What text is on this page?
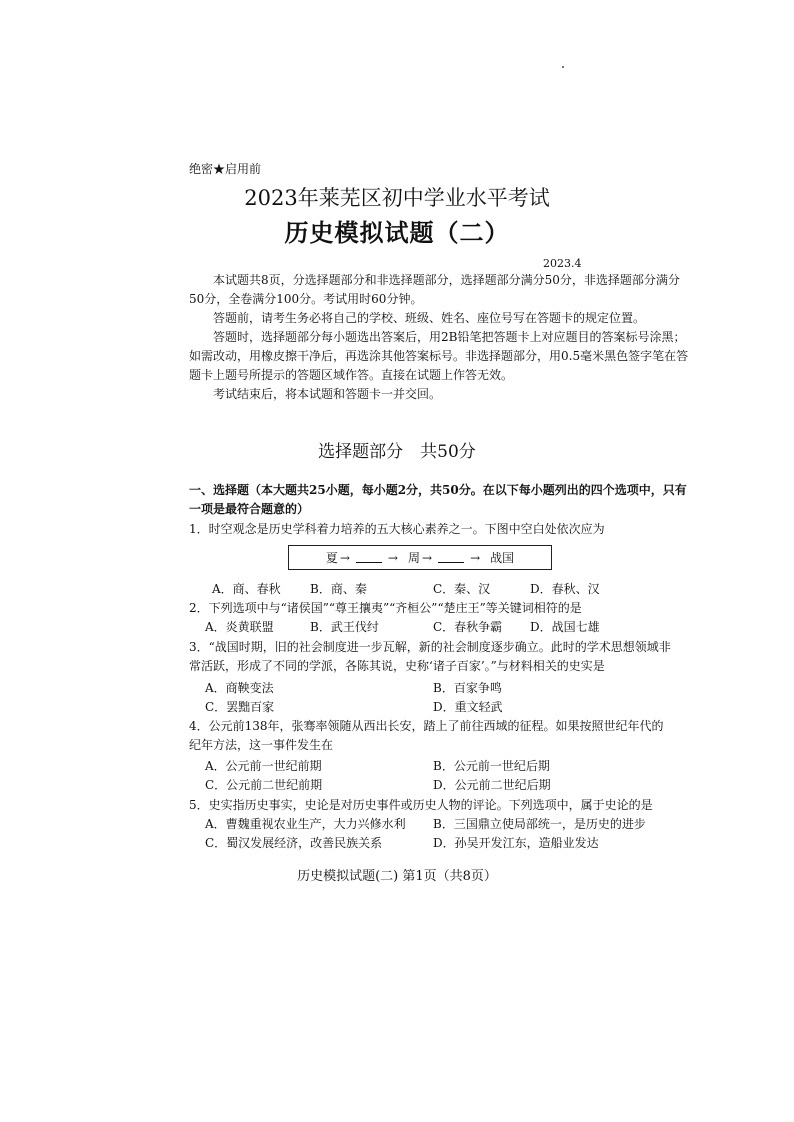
绝密★启用前
2023年莱芜区初中学业水平考试
历史模拟试题（二）
2023.4

本试题共8页，分选择题部分和非选择题部分，选择题部分满分50分，非选择题部分满分50分，全卷满分100分。考试用时60分钟。

答题前，请考生务必将自己的学校、班级、姓名、座位号写在答题卡的规定位置。

答题时，选择题部分每小题选出答案后，用2B铅笔把答题卡上对应题目的答案标号涂黑；如需改动，用橡皮擦干净后，再选涂其他答案标号。非选择题部分，用0.5毫米黑色签字笔在答题卡上题号所提示的答题区域作答。直接在试题上作答无效。

考试结束后，将本试题和答题卡一并交回。

选择题部分　共50分
一、选择题（本大题共25小题，每小题2分，共50分。在以下每小题列出的四个选项中，只有一项是最符合题意的）
1．时空观念是历史学科着力培养的五大核心素养之一。下图中空白处依次应为
夏 →	→ 周 →	→ 战国
A．商、春秋 B．商、秦	C．秦、汉	D．春秋、汉
2．下列选项中与“诸侯国”“尊王攘夷”“齐桓公”“楚庄王”等关键词相符的是
A．炎黄联盟	B．武王伐纣	C．春秋争霸 D．战国七雄
3．“战国时期，旧的社会制度进一步瓦解，新的社会制度逐步确立。此时的学术思想领域非常活跃，形成了不同的学派，各陈其说，史称‘诸子百家’。”与材料相关的史实是
A．商鞅变法	B．百家争鸣
C．罢黜百家	D．重文轻武
4．公元前138年，张骞率领随从西出长安，踏上了前往西域的征程。如果按照世纪年代的纪年方法，这一事件发生在
A．公元前一世纪前期	B．公元前一世纪后期
C．公元前二世纪前期	D．公元前二世纪后期
5．史实指历史事实，史论是对历史事件或历史人物的评论。下列选项中，属于史论的是
A．曹魏重视农业生产，大力兴修水利 B．三国鼎立使局部统一，是历史的进步
C．蜀汉发展经济，改善民族关系	D．孙吴开发江东，造船业发达
历史模拟试题(二) 第1页（共8页）
